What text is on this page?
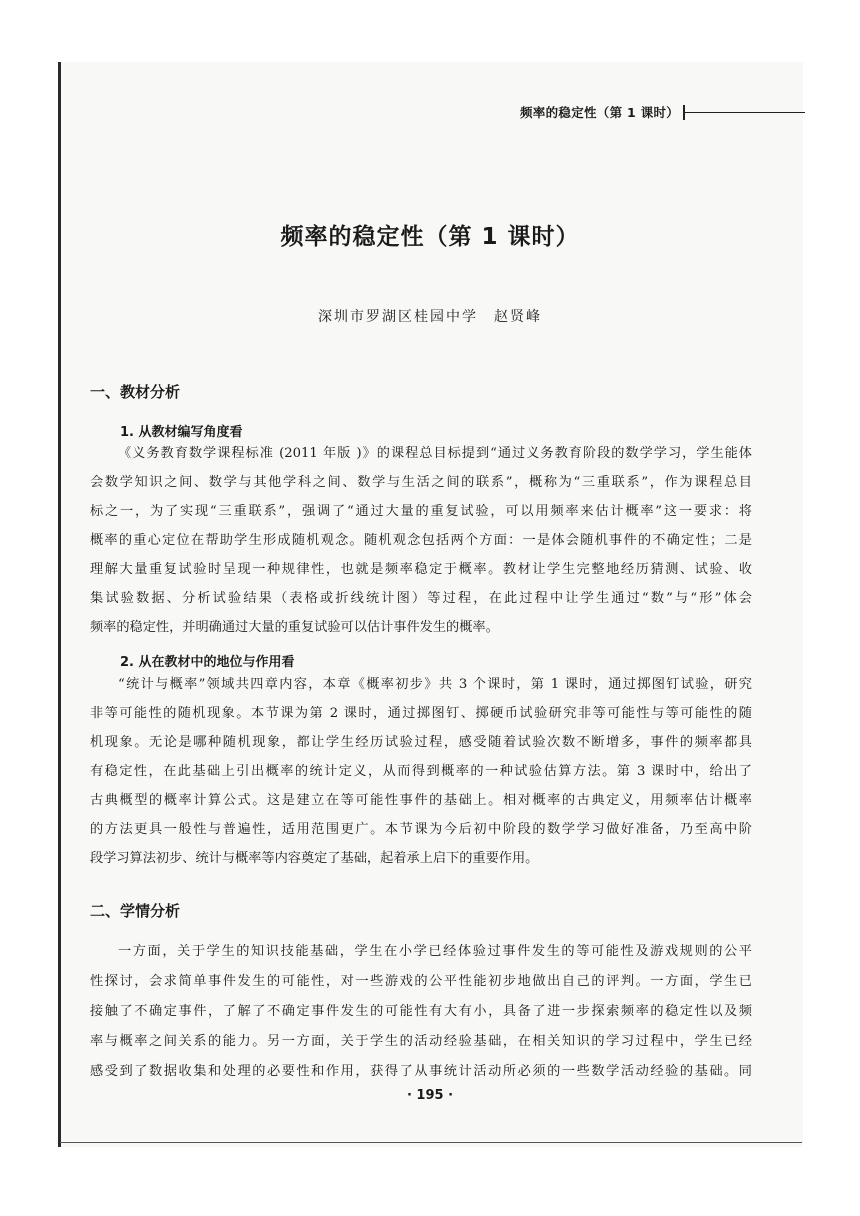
频率的稳定性（第 1 课时）
频率的稳定性（第 1 课时）
深圳市罗湖区桂园中学　赵贤峰
一、教材分析
1. 从教材编写角度看
《义务教育数学课程标准 (2011 年版 )》的课程总目标提到“通过义务教育阶段的数学学习，学生能体
会数学知识之间、数学与其他学科之间、数学与生活之间的联系”，概称为“三重联系”，作为课程总目
标之一，为了实现“三重联系”，强调了“通过大量的重复试验，可以用频率来估计概率”这一要求：将
概率的重心定位在帮助学生形成随机观念。随机观念包括两个方面：一是体会随机事件的不确定性；二是
理解大量重复试验时呈现一种规律性，也就是频率稳定于概率。教材让学生完整地经历猜测、试验、收
集试验数据、分析试验结果（表格或折线统计图）等过程，在此过程中让学生通过“数”与“形”体会
频率的稳定性，并明确通过大量的重复试验可以估计事件发生的概率。
2. 从在教材中的地位与作用看
“统计与概率”领域共四章内容，本章《概率初步》共 3 个课时，第 1 课时，通过掷图钉试验，研究
非等可能性的随机现象。本节课为第 2 课时，通过掷图钉、掷硬币试验研究非等可能性与等可能性的随
机现象。无论是哪种随机现象，都让学生经历试验过程，感受随着试验次数不断增多，事件的频率都具
有稳定性，在此基础上引出概率的统计定义，从而得到概率的一种试验估算方法。第 3 课时中，给出了
古典概型的概率计算公式。这是建立在等可能性事件的基础上。相对概率的古典定义，用频率估计概率
的方法更具一般性与普遍性，适用范围更广。本节课为今后初中阶段的数学学习做好准备，乃至高中阶
段学习算法初步、统计与概率等内容奠定了基础，起着承上启下的重要作用。
二、学情分析
一方面，关于学生的知识技能基础，学生在小学已经体验过事件发生的等可能性及游戏规则的公平
性探讨，会求简单事件发生的可能性，对一些游戏的公平性能初步地做出自己的评判。一方面，学生已
接触了不确定事件，了解了不确定事件发生的可能性有大有小，具备了进一步探索频率的稳定性以及频
率与概率之间关系的能力。另一方面，关于学生的活动经验基础，在相关知识的学习过程中，学生已经
感受到了数据收集和处理的必要性和作用，获得了从事统计活动所必须的一些数学活动经验的基础。同
· 195 ·
